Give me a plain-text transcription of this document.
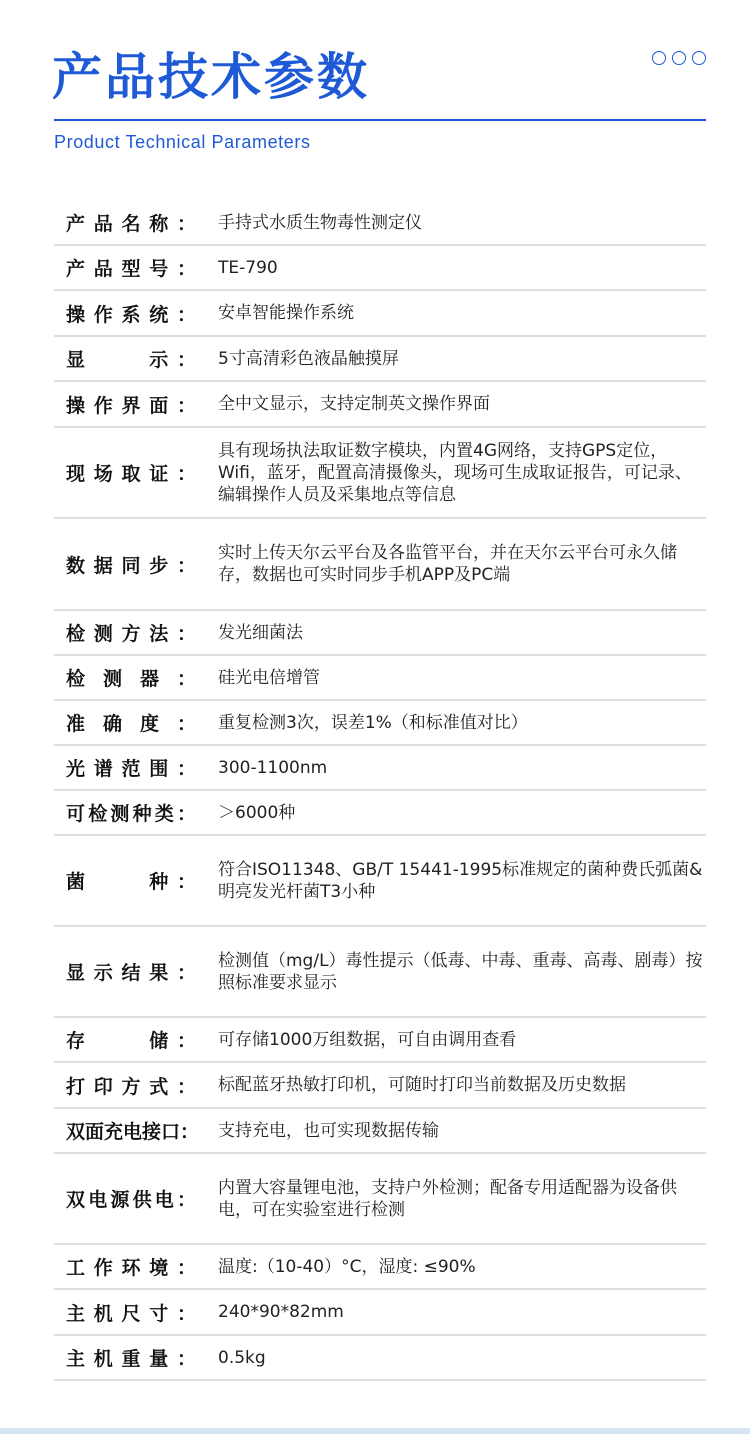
产品技术参数
Product Technical Parameters
产品名称：	手持式水质生物毒性测定仪
产品型号：	TE-790
操作系统：	安卓智能操作系统
显　　示：	5寸高清彩色液晶触摸屏
操作界面：	全中文显示，支持定制英文操作界面
现场取证：
具有现场执法取证数字模块，内置4G网络，支持GPS定位，Wifi，蓝牙，配置高清摄像头，现场可生成取证报告，可记录、编辑操作人员及采集地点等信息
数据同步：
实时上传天尔云平台及各监管平台，并在天尔云平台可永久储存，数据也可实时同步手机APP及PC端
检测方法：	发光细菌法
检 测 器 ：	硅光电倍增管
准 确 度 ：	重复检测3次，误差1%（和标准值对比）
光谱范围：	300-1100nm
可检测种类：	＞6000种
菌　　种：
符合ISO11348、GB/T 15441-1995标准规定的菌种费氏弧菌&明亮发光杆菌T3小种
显示结果：
检测值（mg/L）毒性提示（低毒、中毒、重毒、高毒、剧毒）按照标准要求显示
存　　储：	可存储1000万组数据，可自由调用查看
打印方式：	标配蓝牙热敏打印机，可随时打印当前数据及历史数据
双面充电接口：	支持充电，也可实现数据传输
双电源供电：
内置大容量锂电池，支持户外检测；配备专用适配器为设备供电，可在实验室进行检测
工作环境：	温度:（10-40）°C，湿度: ≤90%
主机尺寸：	240*90*82mm
主机重量：	0.5kg
